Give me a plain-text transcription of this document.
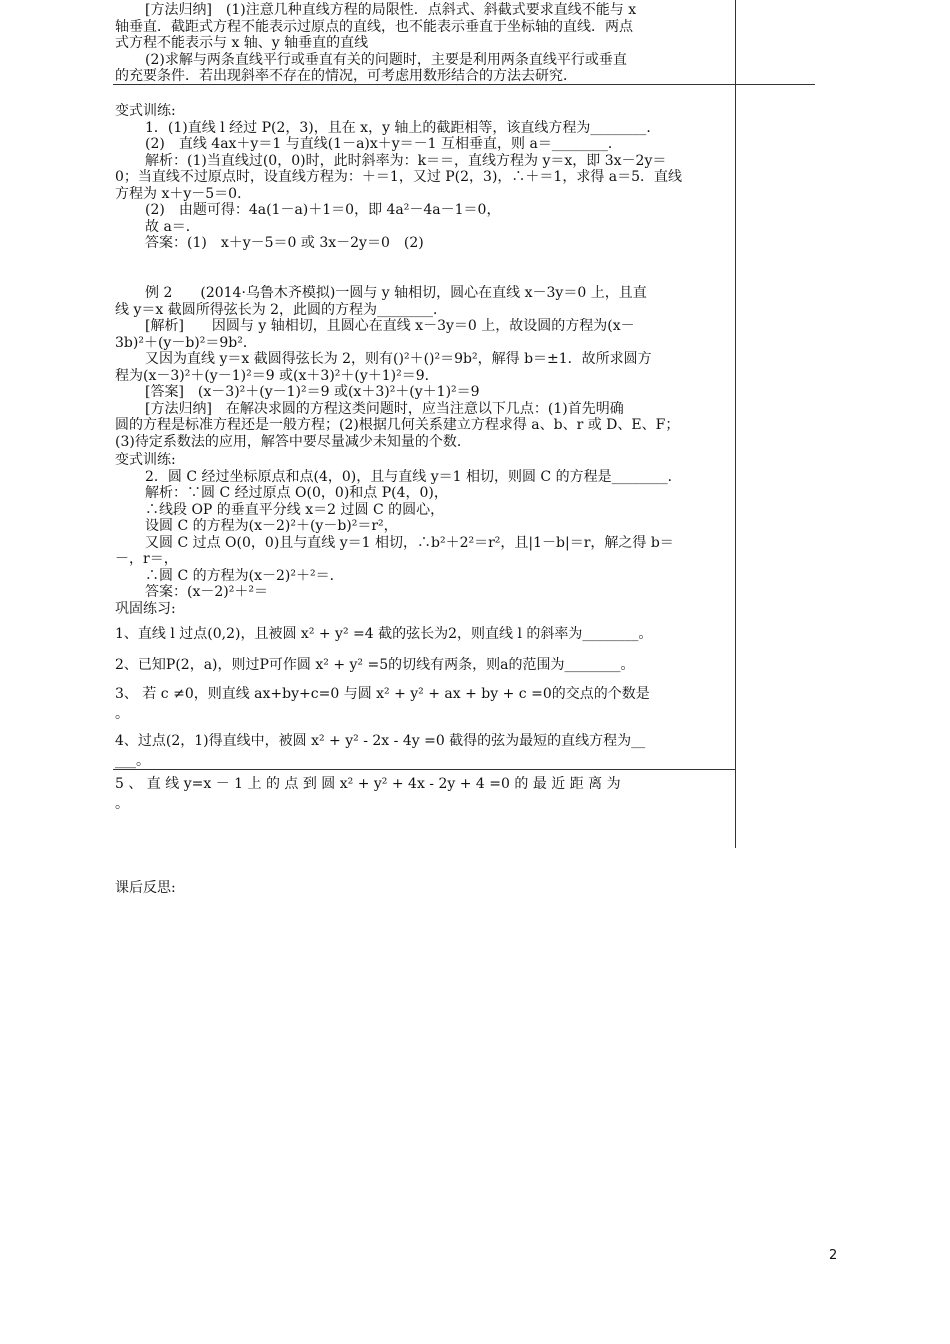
[方法归纳]　(1)注意几种直线方程的局限性．点斜式、斜截式要求直线不能与 x
轴垂直．截距式方程不能表示过原点的直线，也不能表示垂直于坐标轴的直线．两点
式方程不能表示与 x 轴、y 轴垂直的直线
(2)求解与两条直线平行或垂直有关的问题时，主要是利用两条直线平行或垂直
的充要条件．若出现斜率不存在的情况，可考虑用数形结合的方法去研究．
变式训练:
1．(1)直线 l 经过 P(2，3)，且在 x，y 轴上的截距相等，该直线方程为________．
(2)　直线 4ax＋y＝1 与直线(1－a)x＋y＝－1 互相垂直，则 a＝________．
解析：(1)当直线过(0，0)时，此时斜率为：k＝＝，直线方程为 y＝x，即 3x－2y＝
0；当直线不过原点时，设直线方程为：＋＝1，又过 P(2，3)，∴＋＝1，求得 a＝5．直线
方程为 x＋y－5＝0．
(2)　由题可得：4a(1－a)＋1＝0，即 4a²－4a－1＝0，
故 a＝．
答案：(1)　x＋y－5＝0 或 3x－2y＝0　(2)
例 2　　(2014·乌鲁木齐模拟)一圆与 y 轴相切，圆心在直线 x－3y＝0 上，且直
线 y＝x 截圆所得弦长为 2，此圆的方程为________．
[解析]　　因圆与 y 轴相切，且圆心在直线 x－3y＝0 上，故设圆的方程为(x－
3b)²＋(y－b)²＝9b²．
又因为直线 y＝x 截圆得弦长为 2，则有()²＋()²＝9b²，解得 b＝±1．故所求圆方
程为(x－3)²＋(y－1)²＝9 或(x＋3)²＋(y＋1)²＝9．
[答案]　(x－3)²＋(y－1)²＝9 或(x＋3)²＋(y＋1)²＝9
[方法归纳]　在解决求圆的方程这类问题时，应当注意以下几点：(1)首先明确
圆的方程是标准方程还是一般方程；(2)根据几何关系建立方程求得 a、b、r 或 D、E、F；
(3)待定系数法的应用，解答中要尽量减少未知量的个数．
变式训练:
2．圆 C 经过坐标原点和点(4，0)，且与直线 y＝1 相切，则圆 C 的方程是________．
解析：∵圆 C 经过原点 O(0，0)和点 P(4，0)，
∴线段 OP 的垂直平分线 x＝2 过圆 C 的圆心，
设圆 C 的方程为(x－2)²＋(y－b)²＝r²，
又圆 C 过点 O(0，0)且与直线 y＝1 相切，∴b²＋2²＝r²，且|1－b|＝r，解之得 b＝
－，r＝，
∴圆 C 的方程为(x－2)²＋²＝．
答案：(x－2)²＋²＝
巩固练习:
1、直线 l 过点(0,2)，且被圆 x² + y² =4 截的弦长为2，则直线 l 的斜率为________。
2、已知P(2，a)，则过P可作圆 x² + y² =5的切线有两条，则a的范围为________。
3、 若 c ≠0，则直线 ax+by+c=0 与圆 x² + y² + ax + by + c =0的交点的个数是
。
4、过点(2，1)得直线中，被圆 x² + y² - 2x - 4y =0 截得的弦为最短的直线方程为__
___。
5 、 直 线 y=x － 1 上 的 点 到 圆 x² + y² + 4x - 2y + 4 =0 的 最 近 距 离 为
。
课后反思:
2
